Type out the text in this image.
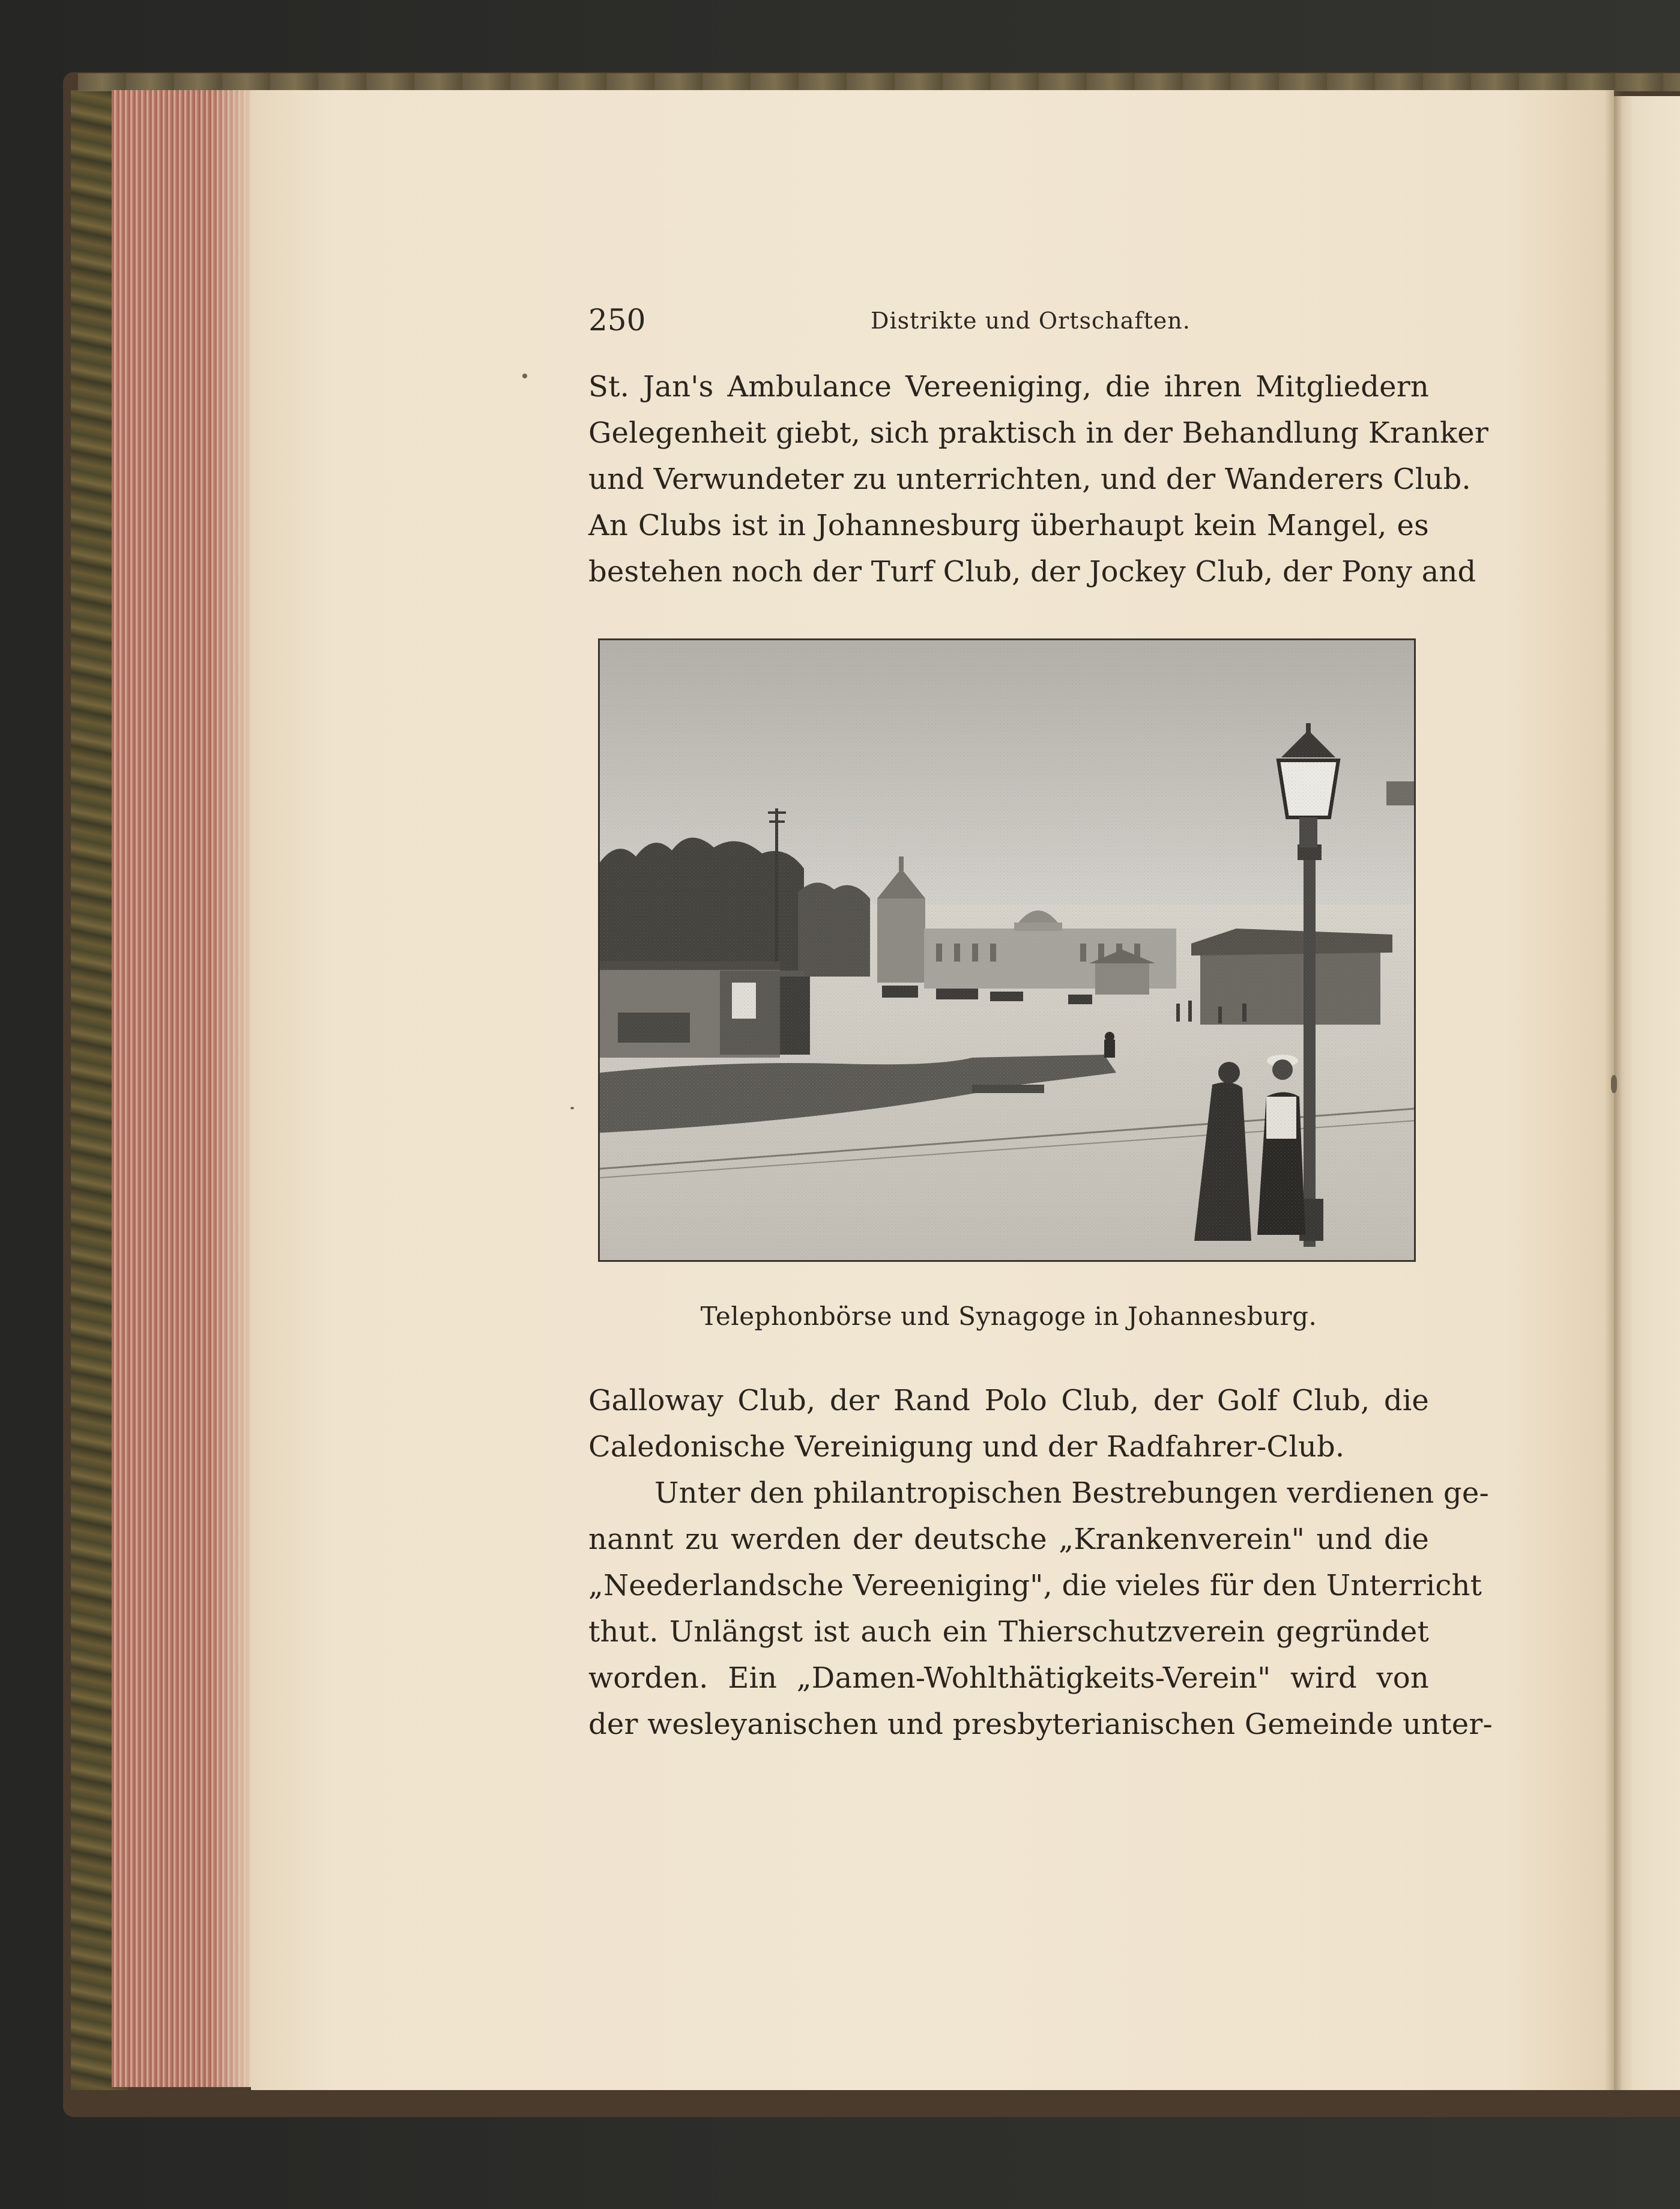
250	Distrikte und Ortschaften.
St. Jan's Ambulance Vereeniging, die ihren Mitgliedern
Gelegenheit giebt, sich praktisch in der Behandlung Kranker
und Verwundeter zu unterrichten, und der Wanderers Club.
An Clubs ist in Johannesburg überhaupt kein Mangel, es
bestehen noch der Turf Club, der Jockey Club, der Pony and
Telephonbörse und Synagoge in Johannesburg.
Galloway Club, der Rand Polo Club, der Golf Club, die
Caledonische Vereinigung und der Radfahrer-Club.
Unter den philantropischen Bestrebungen verdienen ge-
nannt zu werden der deutsche „Krankenverein" und die
„Neederlandsche Vereeniging", die vieles für den Unterricht
thut. Unlängst ist auch ein Thierschutzverein gegründet
worden. Ein „Damen-Wohlthätigkeits-Verein" wird von
der wesleyanischen und presbyterianischen Gemeinde unter-
